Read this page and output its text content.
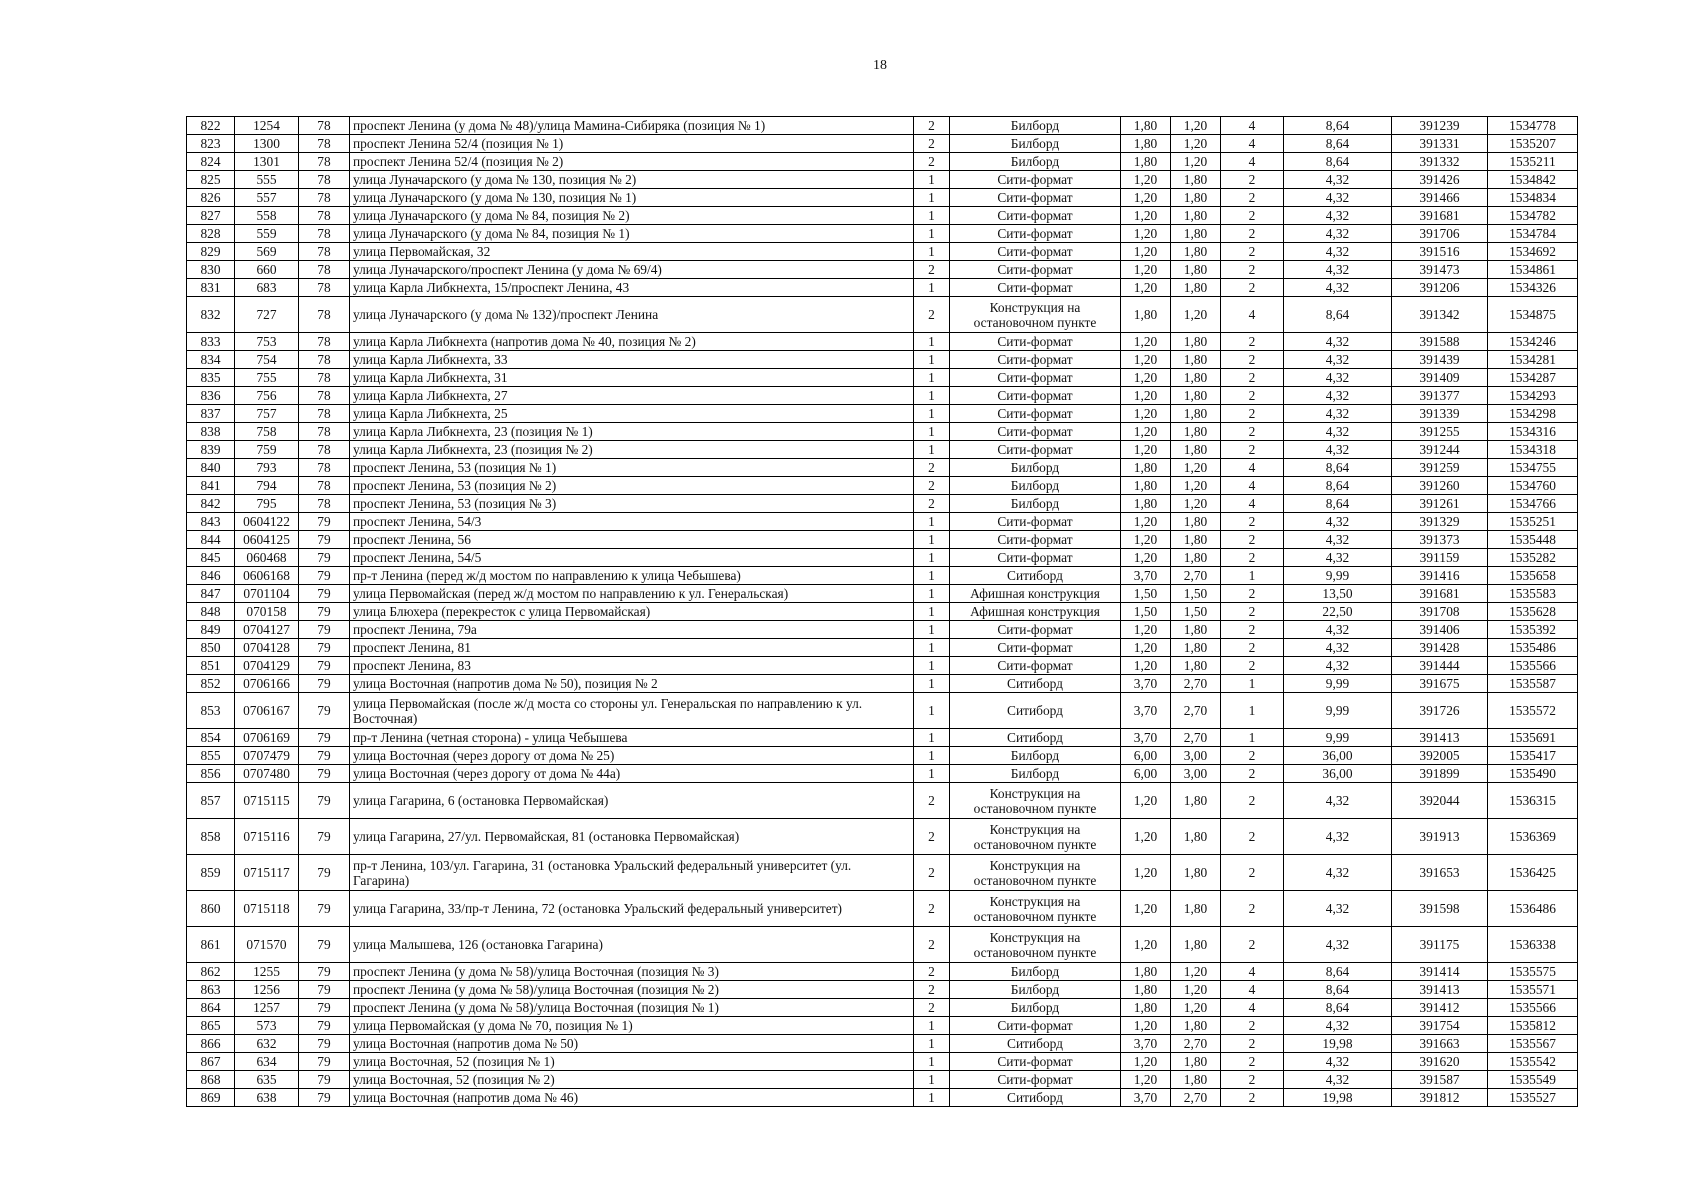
18
822	1254	78	проспект Ленина (у дома № 48)/улица Мамина-Сибиряка (позиция № 1)	2	Билборд	1,80	1,20	4	8,64	391239	1534778
823	1300	78	проспект Ленина 52/4 (позиция № 1)	2	Билборд	1,80	1,20	4	8,64	391331	1535207
824	1301	78	проспект Ленина 52/4 (позиция № 2)	2	Билборд	1,80	1,20	4	8,64	391332	1535211
825	555	78	улица Луначарского (у дома № 130, позиция № 2)	1	Сити-формат	1,20	1,80	2	4,32	391426	1534842
826	557	78	улица Луначарского (у дома № 130, позиция № 1)	1	Сити-формат	1,20	1,80	2	4,32	391466	1534834
827	558	78	улица Луначарского (у дома № 84, позиция № 2)	1	Сити-формат	1,20	1,80	2	4,32	391681	1534782
828	559	78	улица Луначарского (у дома № 84, позиция № 1)	1	Сити-формат	1,20	1,80	2	4,32	391706	1534784
829	569	78	улица Первомайская, 32	1	Сити-формат	1,20	1,80	2	4,32	391516	1534692
830	660	78	улица Луначарского/проспект Ленина (у дома № 69/4)	2	Сити-формат	1,20	1,80	2	4,32	391473	1534861
831	683	78	улица Карла Либкнехта, 15/проспект Ленина, 43	1	Сити-формат	1,20	1,80	2	4,32	391206	1534326
832	727	78	улица Луначарского (у дома № 132)/проспект Ленина	2	Конструкция на остановочном пункте	1,80	1,20	4	8,64	391342	1534875
833	753	78	улица Карла Либкнехта (напротив дома № 40, позиция № 2)	1	Сити-формат	1,20	1,80	2	4,32	391588	1534246
834	754	78	улица Карла Либкнехта, 33	1	Сити-формат	1,20	1,80	2	4,32	391439	1534281
835	755	78	улица Карла Либкнехта, 31	1	Сити-формат	1,20	1,80	2	4,32	391409	1534287
836	756	78	улица Карла Либкнехта, 27	1	Сити-формат	1,20	1,80	2	4,32	391377	1534293
837	757	78	улица Карла Либкнехта, 25	1	Сити-формат	1,20	1,80	2	4,32	391339	1534298
838	758	78	улица Карла Либкнехта, 23 (позиция № 1)	1	Сити-формат	1,20	1,80	2	4,32	391255	1534316
839	759	78	улица Карла Либкнехта, 23 (позиция № 2)	1	Сити-формат	1,20	1,80	2	4,32	391244	1534318
840	793	78	проспект Ленина, 53 (позиция № 1)	2	Билборд	1,80	1,20	4	8,64	391259	1534755
841	794	78	проспект Ленина, 53 (позиция № 2)	2	Билборд	1,80	1,20	4	8,64	391260	1534760
842	795	78	проспект Ленина, 53 (позиция № 3)	2	Билборд	1,80	1,20	4	8,64	391261	1534766
843	0604122	79	проспект Ленина, 54/3	1	Сити-формат	1,20	1,80	2	4,32	391329	1535251
844	0604125	79	проспект Ленина, 56	1	Сити-формат	1,20	1,80	2	4,32	391373	1535448
845	060468	79	проспект Ленина, 54/5	1	Сити-формат	1,20	1,80	2	4,32	391159	1535282
846	0606168	79	пр-т Ленина (перед ж/д мостом по направлению к улица Чебышева)	1	Ситиборд	3,70	2,70	1	9,99	391416	1535658
847	0701104	79	улица Первомайская (перед ж/д мостом по направлению к ул. Генеральская)	1	Афишная конструкция	1,50	1,50	2	13,50	391681	1535583
848	070158	79	улица Блюхера (перекресток с улица Первомайская)	1	Афишная конструкция	1,50	1,50	2	22,50	391708	1535628
849	0704127	79	проспект Ленина, 79а	1	Сити-формат	1,20	1,80	2	4,32	391406	1535392
850	0704128	79	проспект Ленина, 81	1	Сити-формат	1,20	1,80	2	4,32	391428	1535486
851	0704129	79	проспект Ленина, 83	1	Сити-формат	1,20	1,80	2	4,32	391444	1535566
852	0706166	79	улица Восточная (напротив дома № 50), позиция № 2	1	Ситиборд	3,70	2,70	1	9,99	391675	1535587
853	0706167	79	улица Первомайская (после ж/д моста со стороны ул. Генеральская по направлению к ул. Восточная)	1	Ситиборд	3,70	2,70	1	9,99	391726	1535572
854	0706169	79	пр-т Ленина (четная сторона) - улица Чебышева	1	Ситиборд	3,70	2,70	1	9,99	391413	1535691
855	0707479	79	улица Восточная (через дорогу от дома № 25)	1	Билборд	6,00	3,00	2	36,00	392005	1535417
856	0707480	79	улица Восточная (через дорогу от дома № 44а)	1	Билборд	6,00	3,00	2	36,00	391899	1535490
857	0715115	79	улица Гагарина, 6 (остановка Первомайская)	2	Конструкция на остановочном пункте	1,20	1,80	2	4,32	392044	1536315
858	0715116	79	улица Гагарина, 27/ул. Первомайская, 81 (остановка Первомайская)	2	Конструкция на остановочном пункте	1,20	1,80	2	4,32	391913	1536369
859	0715117	79	пр-т Ленина, 103/ул. Гагарина, 31 (остановка Уральский федеральный университет (ул. Гагарина)	2	Конструкция на остановочном пункте	1,20	1,80	2	4,32	391653	1536425
860	0715118	79	улица Гагарина, 33/пр-т Ленина, 72 (остановка Уральский федеральный университет)	2	Конструкция на остановочном пункте	1,20	1,80	2	4,32	391598	1536486
861	071570	79	улица Малышева, 126 (остановка Гагарина)	2	Конструкция на остановочном пункте	1,20	1,80	2	4,32	391175	1536338
862	1255	79	проспект Ленина (у дома № 58)/улица Восточная (позиция № 3)	2	Билборд	1,80	1,20	4	8,64	391414	1535575
863	1256	79	проспект Ленина (у дома № 58)/улица Восточная (позиция № 2)	2	Билборд	1,80	1,20	4	8,64	391413	1535571
864	1257	79	проспект Ленина (у дома № 58)/улица Восточная (позиция № 1)	2	Билборд	1,80	1,20	4	8,64	391412	1535566
865	573	79	улица Первомайская (у дома № 70, позиция № 1)	1	Сити-формат	1,20	1,80	2	4,32	391754	1535812
866	632	79	улица Восточная (напротив дома № 50)	1	Ситиборд	3,70	2,70	2	19,98	391663	1535567
867	634	79	улица Восточная, 52 (позиция № 1)	1	Сити-формат	1,20	1,80	2	4,32	391620	1535542
868	635	79	улица Восточная, 52 (позиция № 2)	1	Сити-формат	1,20	1,80	2	4,32	391587	1535549
869	638	79	улица Восточная (напротив дома № 46)	1	Ситиборд	3,70	2,70	2	19,98	391812	1535527
